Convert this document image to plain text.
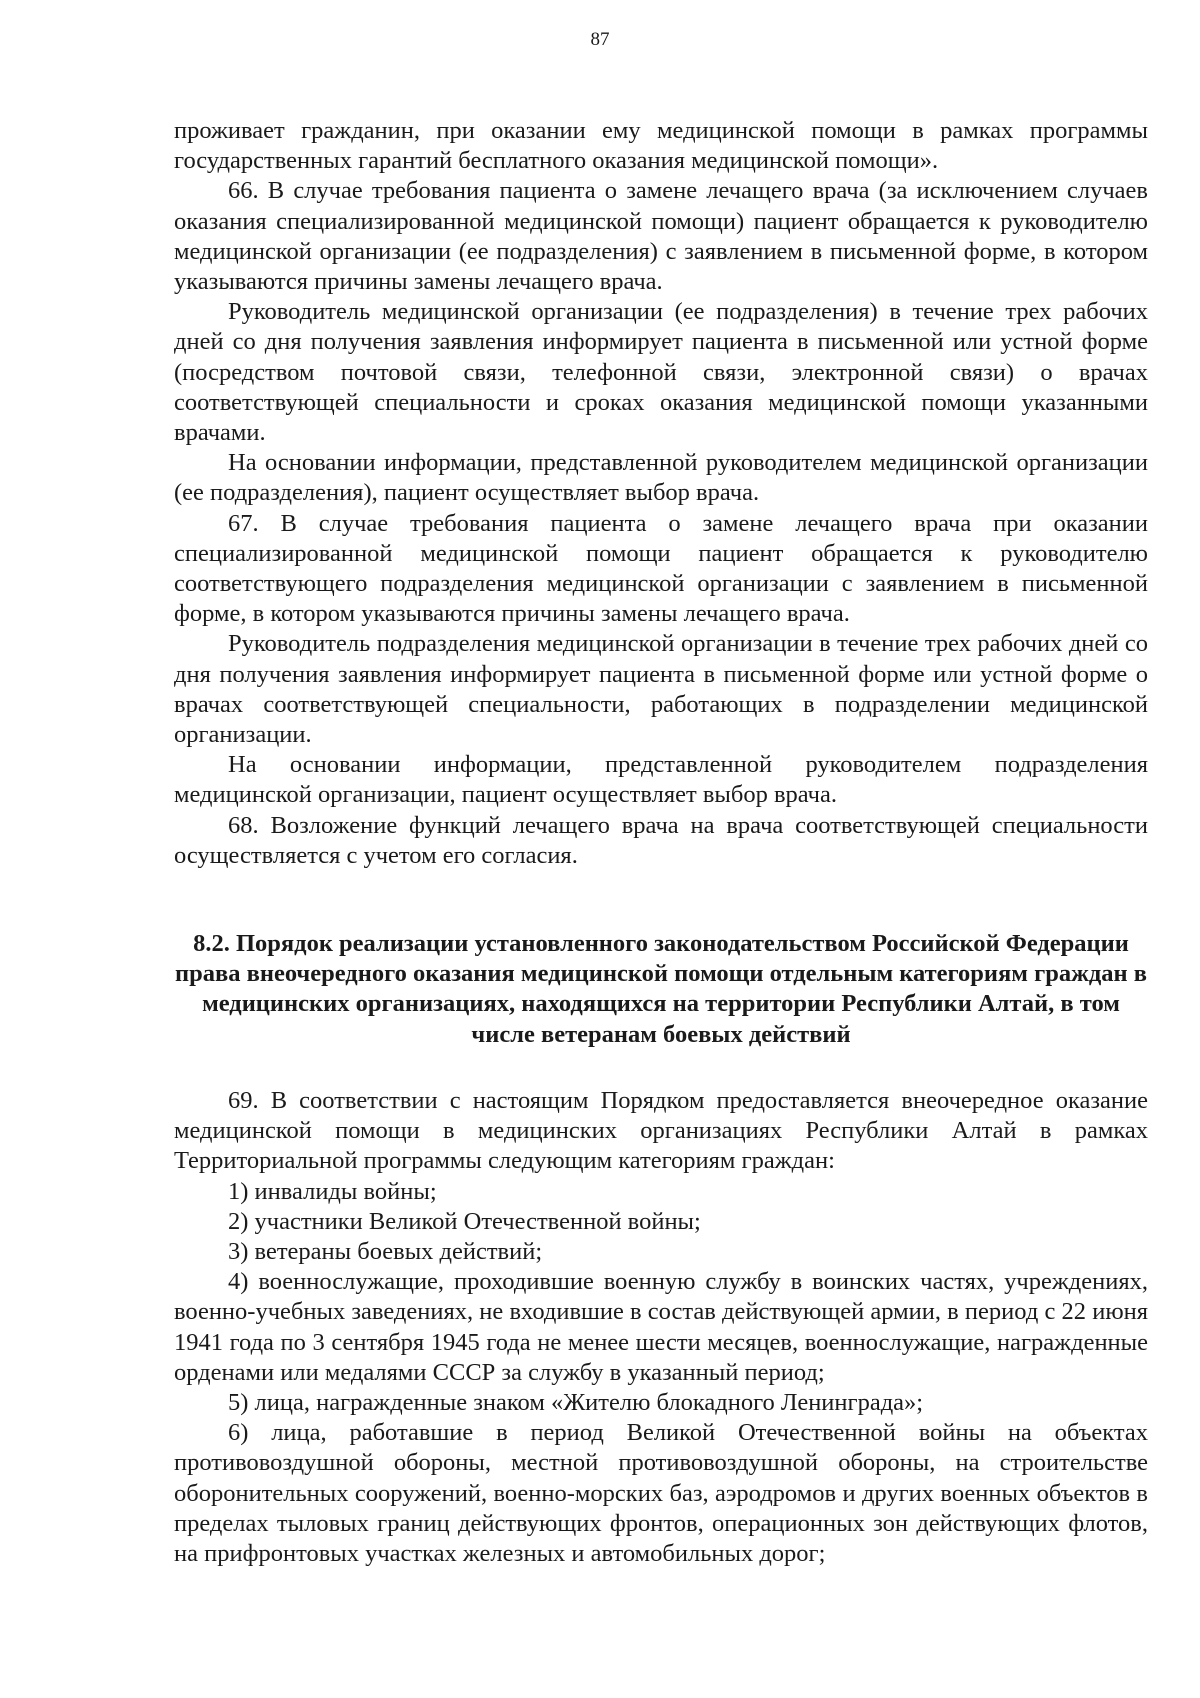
87

проживает гражданин, при оказании ему медицинской помощи в рамках программы государственных гарантий бесплатного оказания медицинской помощи».

66. В случае требования пациента о замене лечащего врача (за исключением случаев оказания специализированной медицинской помощи) пациент обращается к руководителю медицинской организации (ее подразделения) с заявлением в письменной форме, в котором указываются причины замены лечащего врача.

Руководитель медицинской организации (ее подразделения) в течение трех рабочих дней со дня получения заявления информирует пациента в письменной или устной форме (посредством почтовой связи, телефонной связи, электронной связи) о врачах соответствующей специальности и сроках оказания медицинской помощи указанными врачами.

На основании информации, представленной руководителем медицинской организации (ее подразделения), пациент осуществляет выбор врача.

67. В случае требования пациента о замене лечащего врача при оказании специализированной медицинской помощи пациент обращается к руководителю соответствующего подразделения медицинской организации с заявлением в письменной форме, в котором указываются причины замены лечащего врача.

Руководитель подразделения медицинской организации в течение трех рабочих дней со дня получения заявления информирует пациента в письменной форме или устной форме о врачах соответствующей специальности, работающих в подразделении медицинской организации.

На основании информации, представленной руководителем подразделения медицинской организации, пациент осуществляет выбор врача.

68. Возложение функций лечащего врача на врача соответствующей специальности осуществляется с учетом его согласия.

8.2. Порядок реализации установленного законодательством Российской Федерации права внеочередного оказания медицинской помощи отдельным категориям граждан в медицинских организациях, находящихся на территории Республики Алтай, в том числе ветеранам боевых действий

69. В соответствии с настоящим Порядком предоставляется внеочередное оказание медицинской помощи в медицинских организациях Республики Алтай в рамках Территориальной программы следующим категориям граждан:

1) инвалиды войны;

2) участники Великой Отечественной войны;

3) ветераны боевых действий;

4) военнослужащие, проходившие военную службу в воинских частях, учреждениях, военно-учебных заведениях, не входившие в состав действующей армии, в период с 22 июня 1941 года по 3 сентября 1945 года не менее шести месяцев, военнослужащие, награжденные орденами или медалями СССР за службу в указанный период;

5) лица, награжденные знаком «Жителю блокадного Ленинграда»;

6) лица, работавшие в период Великой Отечественной войны на объектах противовоздушной обороны, местной противовоздушной обороны, на строительстве оборонительных сооружений, военно-морских баз, аэродромов и других военных объектов в пределах тыловых границ действующих фронтов, операционных зон действующих флотов, на прифронтовых участках железных и автомобильных дорог;
